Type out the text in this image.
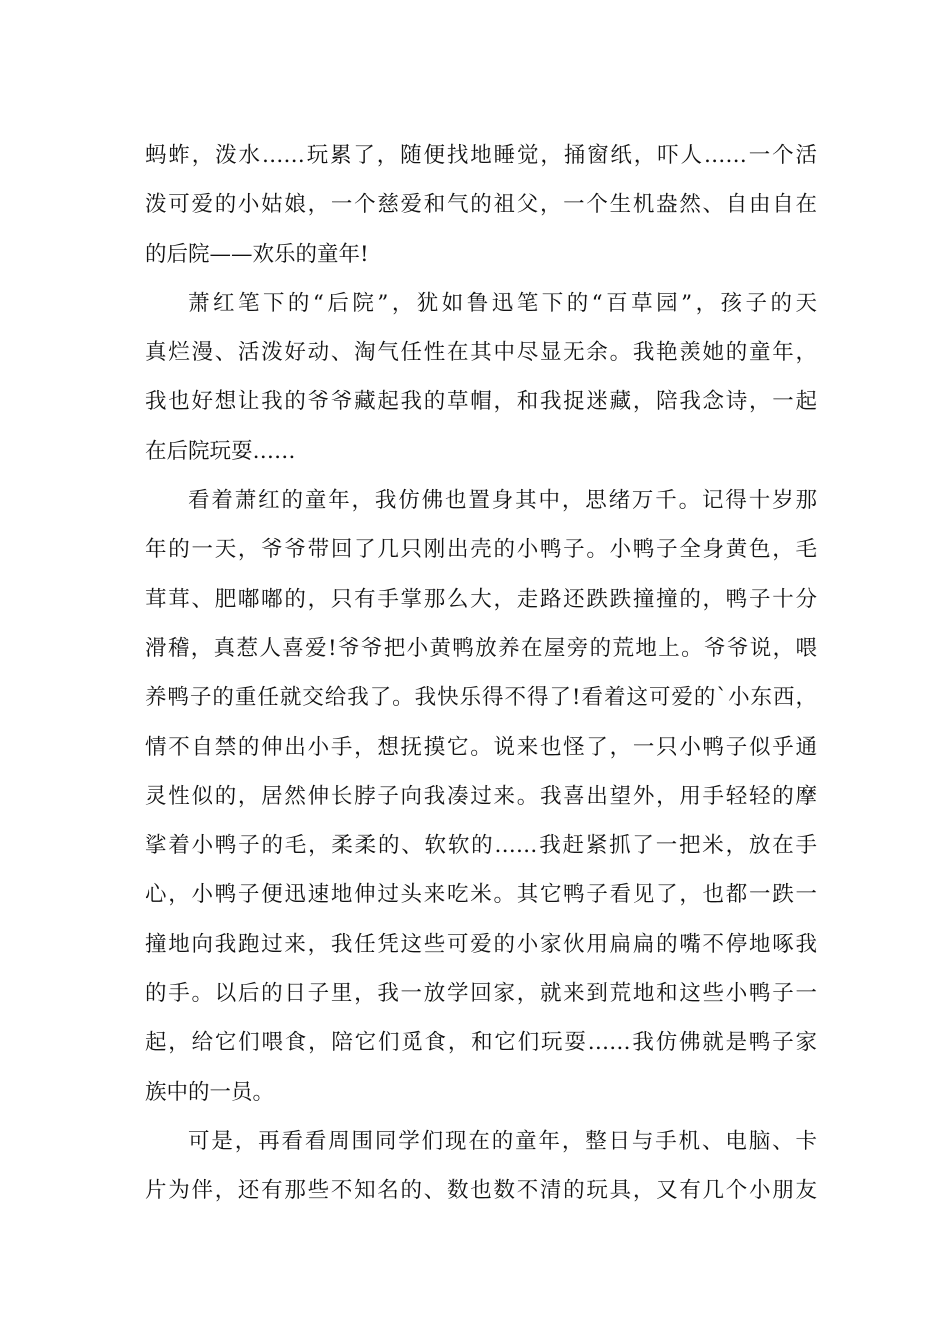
蚂蚱，泼水……玩累了，随便找地睡觉，捅窗纸，吓人……一个活
泼可爱的小姑娘，一个慈爱和气的祖父，一个生机盎然、自由自在
的后院——欢乐的童年!
萧红笔下的“后院”，犹如鲁迅笔下的“百草园”，孩子的天
真烂漫、活泼好动、淘气任性在其中尽显无余。我艳羡她的童年，
我也好想让我的爷爷藏起我的草帽，和我捉迷藏，陪我念诗，一起
在后院玩耍……
看着萧红的童年，我仿佛也置身其中，思绪万千。记得十岁那
年的一天，爷爷带回了几只刚出壳的小鸭子。小鸭子全身黄色，毛
茸茸、肥嘟嘟的，只有手掌那么大，走路还跌跌撞撞的，鸭子十分
滑稽，真惹人喜爱!爷爷把小黄鸭放养在屋旁的荒地上。爷爷说，喂
养鸭子的重任就交给我了。我快乐得不得了!看着这可爱的`小东西，
情不自禁的伸出小手，想抚摸它。说来也怪了，一只小鸭子似乎通
灵性似的，居然伸长脖子向我凑过来。我喜出望外，用手轻轻的摩
挲着小鸭子的毛，柔柔的、软软的……我赶紧抓了一把米，放在手
心，小鸭子便迅速地伸过头来吃米。其它鸭子看见了，也都一跌一
撞地向我跑过来，我任凭这些可爱的小家伙用扁扁的嘴不停地啄我
的手。以后的日子里，我一放学回家，就来到荒地和这些小鸭子一
起，给它们喂食，陪它们觅食，和它们玩耍……我仿佛就是鸭子家
族中的一员。
可是，再看看周围同学们现在的童年，整日与手机、电脑、卡
片为伴，还有那些不知名的、数也数不清的玩具，又有几个小朋友
